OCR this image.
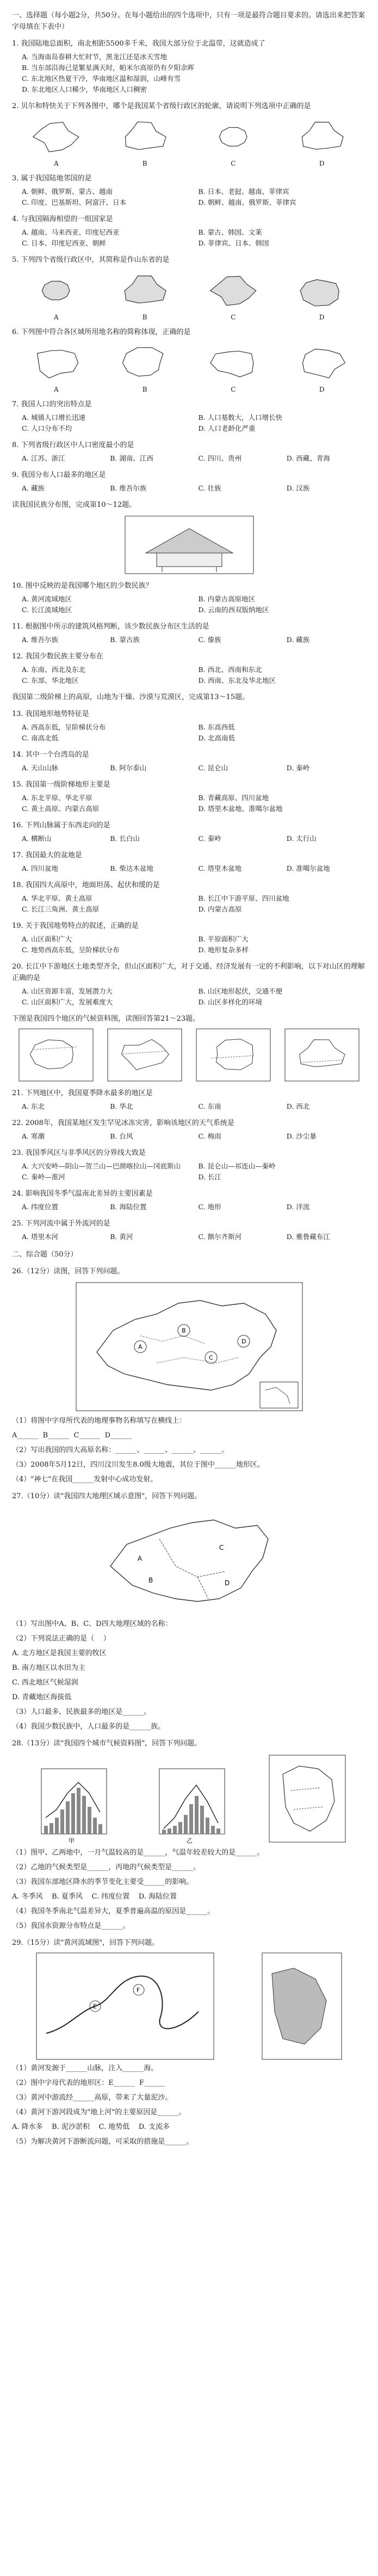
一、选择题（每小题2分，共50分。在每小题给出的四个选项中，只有一项是最符合题目要求的。请选出来把答案字母填在下表中）
1. 我国陆地总面积，南北相距5500多千米，我国大部分位于北温带，这就造成了
A. 当海南岛春耕大忙时节，黑龙江还是冰天雪地
B. 当东部沿海已是繁星满天时，帕米尔高原仍有夕阳余晖
C. 东北地区热夏干冷，华南地区温和湿润，山峰有雪
D. 东北地区人口稀少，华南地区人口稠密
2. 贝尔和特快关于下列各图中，哪个是我国某个省级行政区的轮廓，请说明下列选项中正确的是
A	B	C	D
3. 属于我国陆地邻国的是
A. 朝鲜、俄罗斯、蒙古、越南	B. 日本、老挝、越南、菲律宾
C. 印度、巴基斯坦、阿富汗、日本	D. 朝鲜、越南、俄罗斯、菲律宾
4. 与我国隔海相望的一组国家是
A. 越南、马来西亚、印度尼西亚	B. 蒙古、韩国、文莱
C. 日本、印度尼西亚、朝鲜	D. 菲律宾、日本、韩国
5. 下列四个省级行政区中，其简称是作山东省的是
A	B	C	D
6. 下列图中符合各区域所用地名称的简称体现，正确的是
A	B	C	D
7. 我国人口的突出特点是
A. 城镇人口增长迅速	B. 人口基数大，人口增长快
C. 人口分布不均	D. 人口老龄化严重
8. 下列省级行政区中人口密度最小的是
A. 江苏、浙江	B. 湖南、江西	C. 四川、贵州	D. 西藏、青海
9. 我国分布人口最多的地区是
A. 藏族	B. 维吾尔族	C. 壮族	D. 汉族
读我国民族分布图，完成第10～12题。
10. 图中反映的是我国哪个地区的少数民族？
A. 黄河流域地区	B. 内蒙古高原地区
C. 长江流域地区	D. 云南的西双版纳地区
11. 根据图中所示的建筑风格判断，该少数民族分布区生活的是
A. 维吾尔族	B. 蒙古族	C. 傣族	D. 藏族
12. 我国少数民族主要分布在
A. 东南、西北及东北	B. 西北、西南和东北
C. 东部、华北地区	D. 西南、东北及华北地区
我国第二级阶梯上的高原，山地为干燥、沙漠与荒漠区，完成第13～15题。
13. 我国地形地势特征是
A. 西高东低，呈阶梯状分布	B. 东高西低
C. 南高北低	D. 北高南低
14. 其中一个台湾岛的是
A. 天山山脉	B. 阿尔泰山	C. 昆仑山	D. 秦岭
15. 我国第一级阶梯地形主要是
A. 东北平原、华北平原	B. 青藏高原、四川盆地
C. 黄土高原、内蒙古高原	D. 塔里木盆地、准噶尔盆地
16. 下列山脉属于东西走向的是
A. 横断山	B. 长白山	C. 秦岭	D. 太行山
17. 我国最大的盆地是
A. 四川盆地	B. 柴达木盆地	C. 塔里木盆地	D. 准噶尔盆地
18. 我国四大高原中，地面坦荡、起伏和缓的是
A. 华北平原、黄土高原	B. 长江中下游平原、四川盆地
C. 长江三角洲、黄土高原	D. 内蒙古高原
19. 关于我国地势特点的叙述，正确的是
A. 山区面积广大	B. 平原面积广大
C. 地势西高东低，呈阶梯状分布	D. 地形复杂多样
20. 长江中下游地区土地类型齐全，但山区面积广大，对于交通、经济发展有一定的不利影响，以下对山区的理解正确的是
A. 山区资源丰富，发展潜力大	B. 山区地形起伏，交通不便
C. 山区面积广大，发展难度大	D. 山区多样化的环境
下图是我国四个地区的气候资料图，读图回答第21～23题。
21. 下列地区中，我国夏季降水最多的地区是
A. 东北	B. 华北	C. 东南	D. 西北
22. 2008年，我国某地区发生罕见冰冻灾害，影响该地区的天气系统是
A. 寒潮	B. 台风	C. 梅雨	D. 沙尘暴
23. 我国季风区与非季风区的分界线大致是
A. 大兴安岭—阴山—贺兰山—巴颜喀拉山—冈底斯山	B. 昆仑山—祁连山—秦岭
C. 秦岭—淮河	D. 长江
24. 影响我国冬季气温南北差异的主要因素是
A. 纬度位置	B. 海陆位置	C. 地形	D. 洋流
25. 下列河流中属于外流河的是
A. 塔里木河	B. 黄河	C. 额尔齐斯河	D. 雅鲁藏布江
二、综合题（50分）
26.（12分）读图，回答下列问题。
A
B
C
D
（1）将图中字母所代表的地理事物名称填写在横线上：
A______  B______  C______  D______
（2）写出我国的四大高原名称：______、______、______、______。
（3）2008年5月12日，四川汶川发生8.0级大地震，其位于图中______地形区。
（4）"神七"在我国______发射中心成功发射。
27.（10分）读"我国四大地理区域示意图"，回答下列问题。
A
B
C
D
（1）写出图中A、B、C、D四大地理区域的名称：
（2）下列说法正确的是（    ）
A. 北方地区是我国主要的牧区
B. 南方地区以水田为主
C. 西北地区气候湿润
D. 青藏地区海拔低
（3）人口最多、民族最多的地区是______。
（4）我国少数民族中，人口最多的是______族。
28.（13分）读"我国四个城市气候资料图"，回答下列问题。
甲	乙
（1）图甲、乙两地中，一月气温较高的是______，气温年较差较大的是______。
（2）乙地的气候类型是______，丙地的气候类型是______。
（3）我国东部地区降水的季节变化主要受______的影响。
A. 冬季风    B. 夏季风    C. 纬度位置    D. 海陆位置
（4）我国冬季南北气温差异大，夏季普遍高温的原因是______。
（5）我国水资源分布特点是______。
29.（15分）读"黄河流域图"，回答下列问题。
E
F
（1）黄河发源于______山脉，注入______海。
（2）图中字母代表的地形区：E______  F______
（3）黄河中游流经______高原，带来了大量泥沙。
（4）黄河下游河段成为"地上河"的主要原因是______。
A. 降水多    B. 泥沙淤积    C. 地势低    D. 支流多
（5）为解决黄河下游断流问题，可采取的措施是______。
